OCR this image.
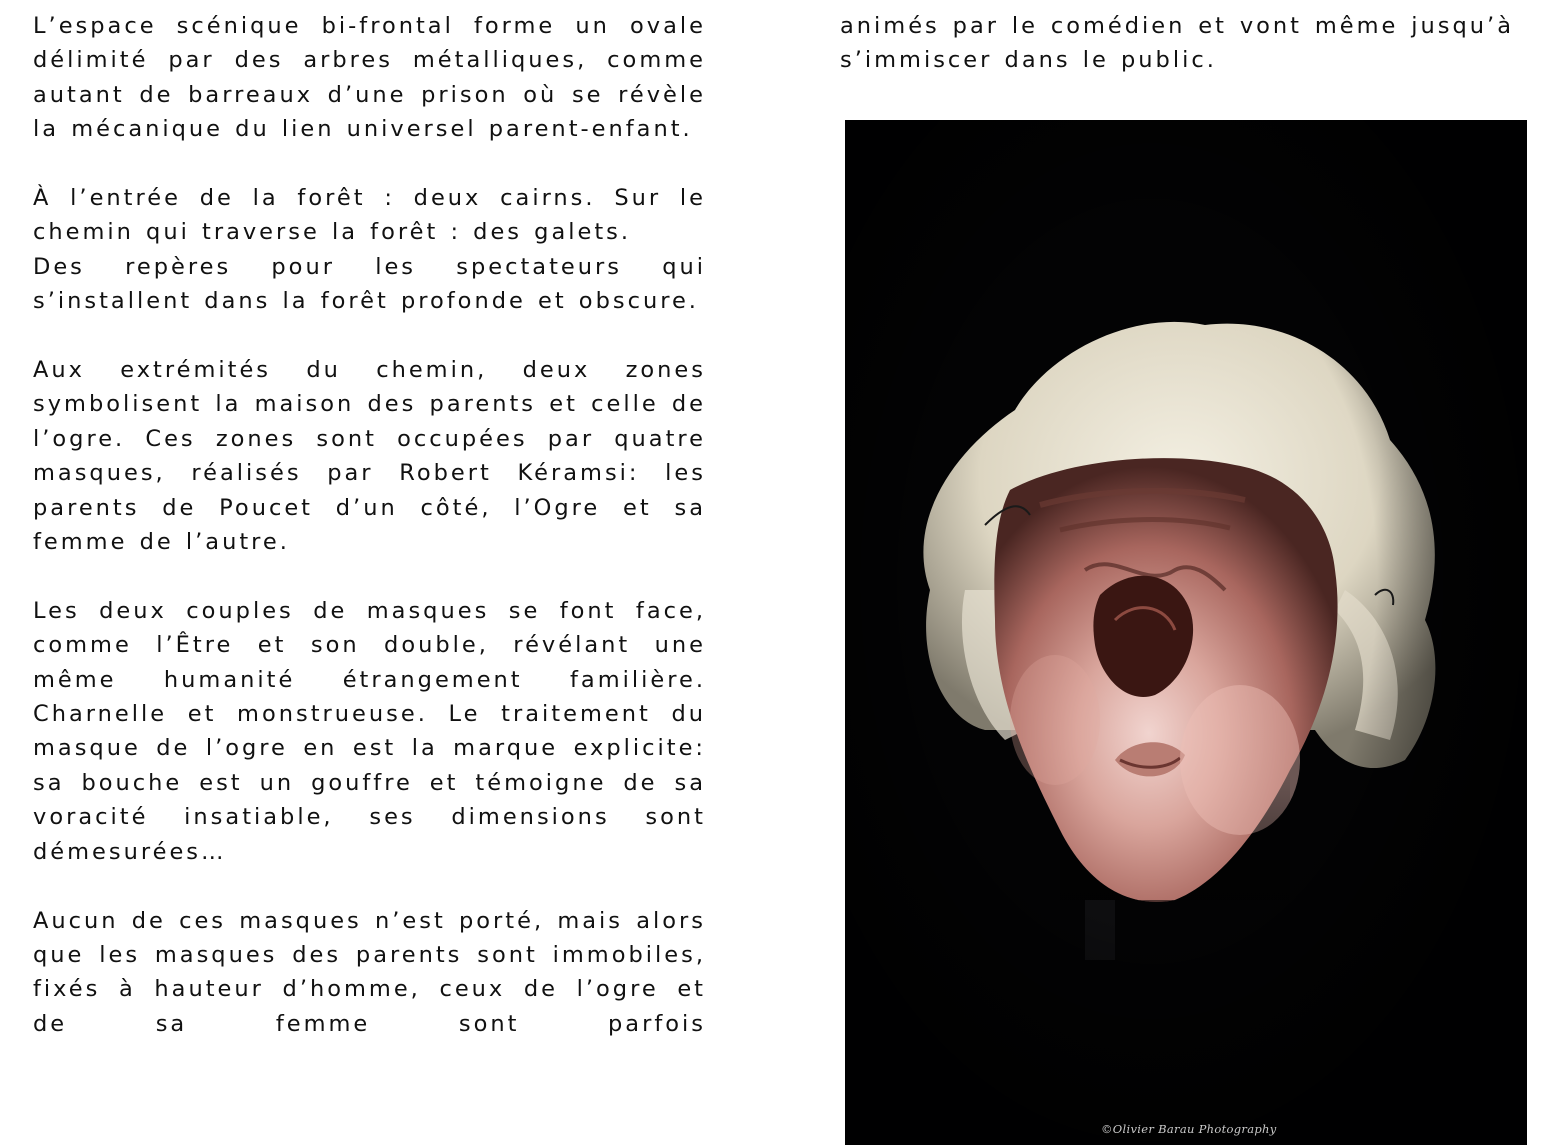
L’espace scénique bi-frontal forme un ovale délimité par des arbres métalliques, comme autant de barreaux d’une prison où se révèle la mécanique du lien universel parent-enfant.

À l’entrée de la forêt : deux cairns. Sur le chemin qui traverse la forêt : des galets.

Des repères pour les spectateurs qui s’installent dans la forêt profonde et obscure.

Aux extrémités du chemin, deux zones symbolisent la maison des parents et celle de l’ogre. Ces zones sont occupées par quatre masques, réalisés par Robert Kéramsi: les parents de Poucet d’un côté, l’Ogre et sa femme de l’autre.

Les deux couples de masques se font face, comme l’Être et son double, révélant une même humanité étrangement familière. Charnelle et monstrueuse. Le traitement du masque de l’ogre en est la marque explicite: sa bouche est un gouffre et témoigne de sa voracité insatiable, ses dimensions sont démesurées…

Aucun de ces masques n’est porté, mais alors que les masques des parents sont immobiles, fixés à hauteur d’homme, ceux de l’ogre et de sa femme sont parfois

animés par le comédien et vont même jusqu’à s’immiscer dans le public.

©Olivier Barau Photography
